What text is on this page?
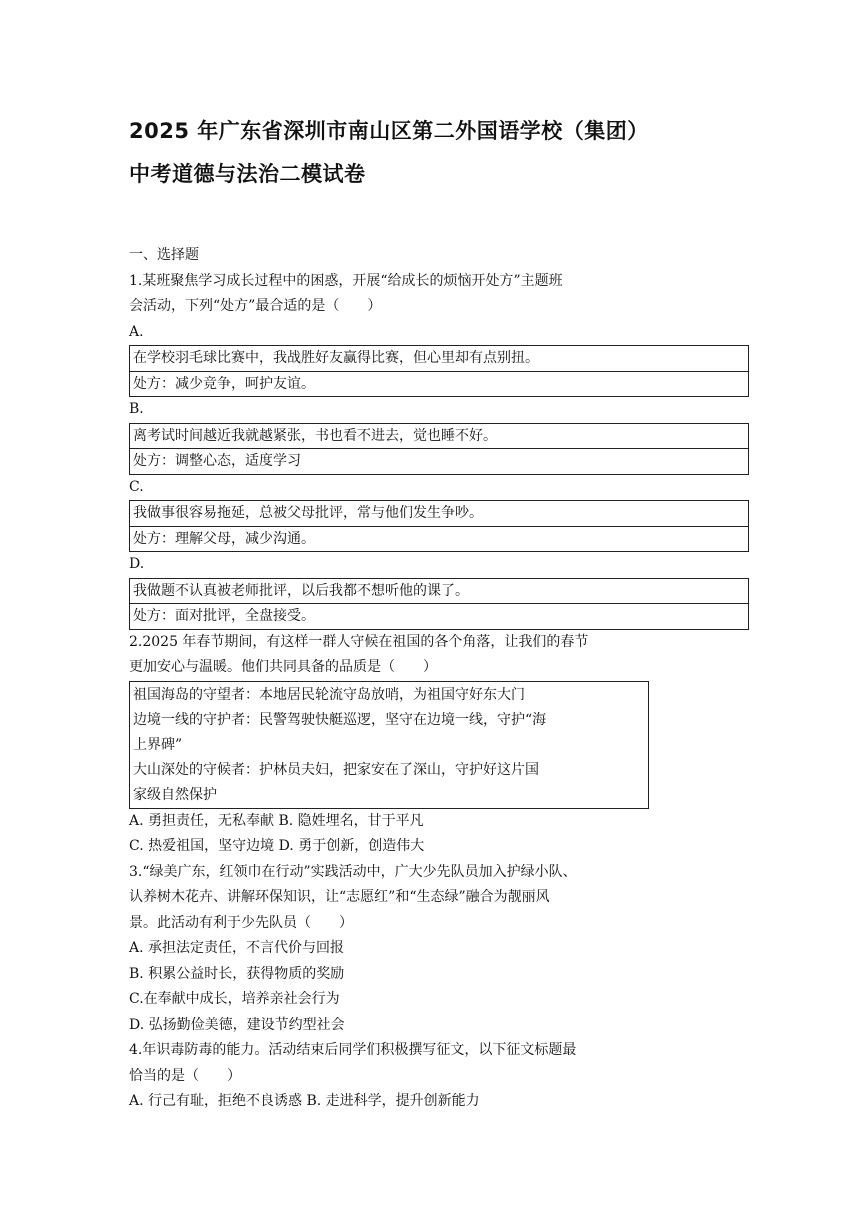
2025 年广东省深圳市南山区第二外国语学校（集团）
中考道德与法治二模试卷
一、选择题
1.某班聚焦学习成长过程中的困惑，开展“给成长的烦恼开处方”主题班
会活动，下列“处方”最合适的是（　　）
A.
在学校羽毛球比赛中，我战胜好友赢得比赛，但心里却有点别扭。
处方：减少竞争，呵护友谊。
B.
离考试时间越近我就越紧张，书也看不进去，觉也睡不好。
处方：调整心态，适度学习
C.
我做事很容易拖延，总被父母批评，常与他们发生争吵。
处方：理解父母，减少沟通。
D.
我做题不认真被老师批评，以后我都不想听他的课了。
处方：面对批评，全盘接受。
2.2025 年春节期间，有这样一群人守候在祖国的各个角落，让我们的春节
更加安心与温暖。他们共同具备的品质是（　　）
祖国海岛的守望者：本地居民轮流守岛放哨，为祖国守好东大门
边境一线的守护者：民警驾驶快艇巡逻，坚守在边境一线，守护“海
上界碑”
大山深处的守候者：护林员夫妇，把家安在了深山，守护好这片国
家级自然保护
A. 勇担责任，无私奉献 B. 隐姓埋名，甘于平凡
C. 热爱祖国，坚守边境 D. 勇于创新，创造伟大
3.“绿美广东，红领巾在行动”实践活动中，广大少先队员加入护绿小队、
认养树木花卉、讲解环保知识，让“志愿红”和“生态绿”融合为靓丽风
景。此活动有利于少先队员（　　）
A. 承担法定责任，不言代价与回报
B. 积累公益时长，获得物质的奖励
C.在奉献中成长，培养亲社会行为
D. 弘扬勤俭美德，建设节约型社会
4.年识毒防毒的能力。活动结束后同学们积极撰写征文，以下征文标题最
恰当的是（　　）
A. 行己有耻，拒绝不良诱惑 B. 走进科学，提升创新能力
